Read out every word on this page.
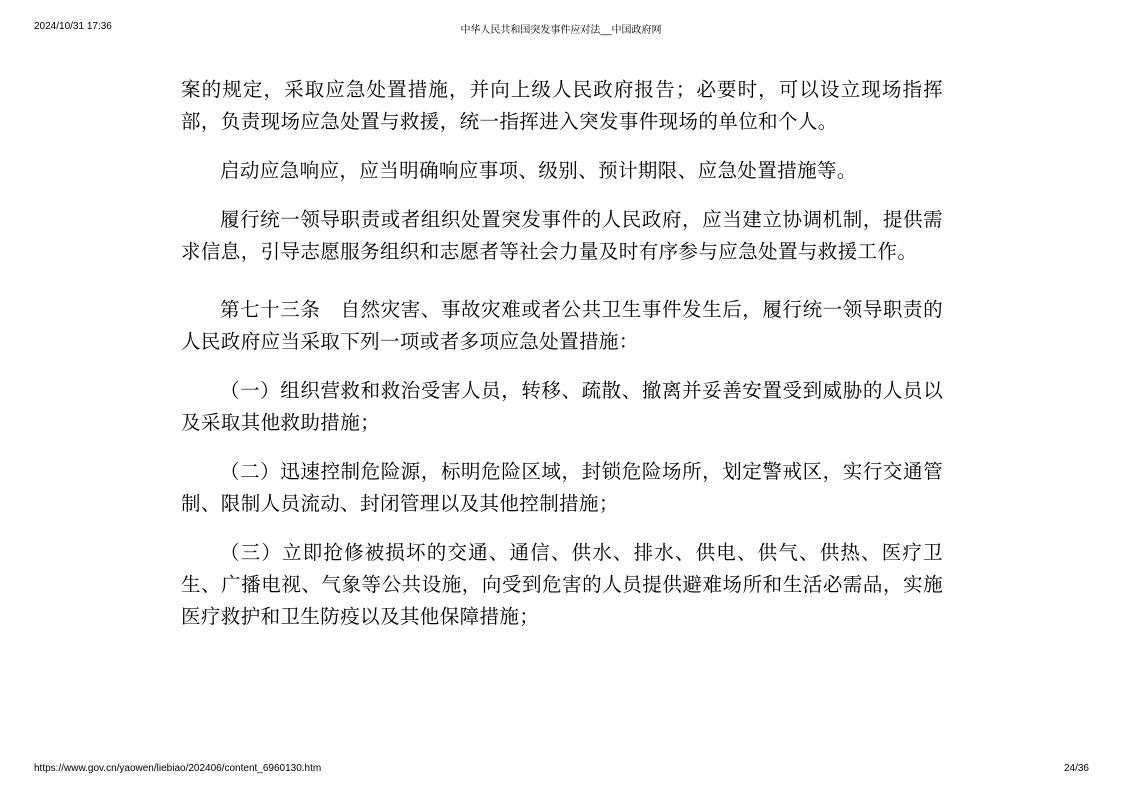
2024/10/31 17:36	中华人民共和国突发事件应对法__中国政府网

案的规定，采取应急处置措施，并向上级人民政府报告；必要时，可以设立现场指挥部，负责现场应急处置与救援，统一指挥进入突发事件现场的单位和个人。

启动应急响应，应当明确响应事项、级别、预计期限、应急处置措施等。

履行统一领导职责或者组织处置突发事件的人民政府，应当建立协调机制，提供需求信息，引导志愿服务组织和志愿者等社会力量及时有序参与应急处置与救援工作。

第七十三条　自然灾害、事故灾难或者公共卫生事件发生后，履行统一领导职责的人民政府应当采取下列一项或者多项应急处置措施：

（一）组织营救和救治受害人员，转移、疏散、撤离并妥善安置受到威胁的人员以及采取其他救助措施；

（二）迅速控制危险源，标明危险区域，封锁危险场所，划定警戒区，实行交通管制、限制人员流动、封闭管理以及其他控制措施；

（三）立即抢修被损坏的交通、通信、供水、排水、供电、供气、供热、医疗卫生、广播电视、气象等公共设施，向受到危害的人员提供避难场所和生活必需品，实施医疗救护和卫生防疫以及其他保障措施；

https://www.gov.cn/yaowen/liebiao/202406/content_6960130.htm	24/36
